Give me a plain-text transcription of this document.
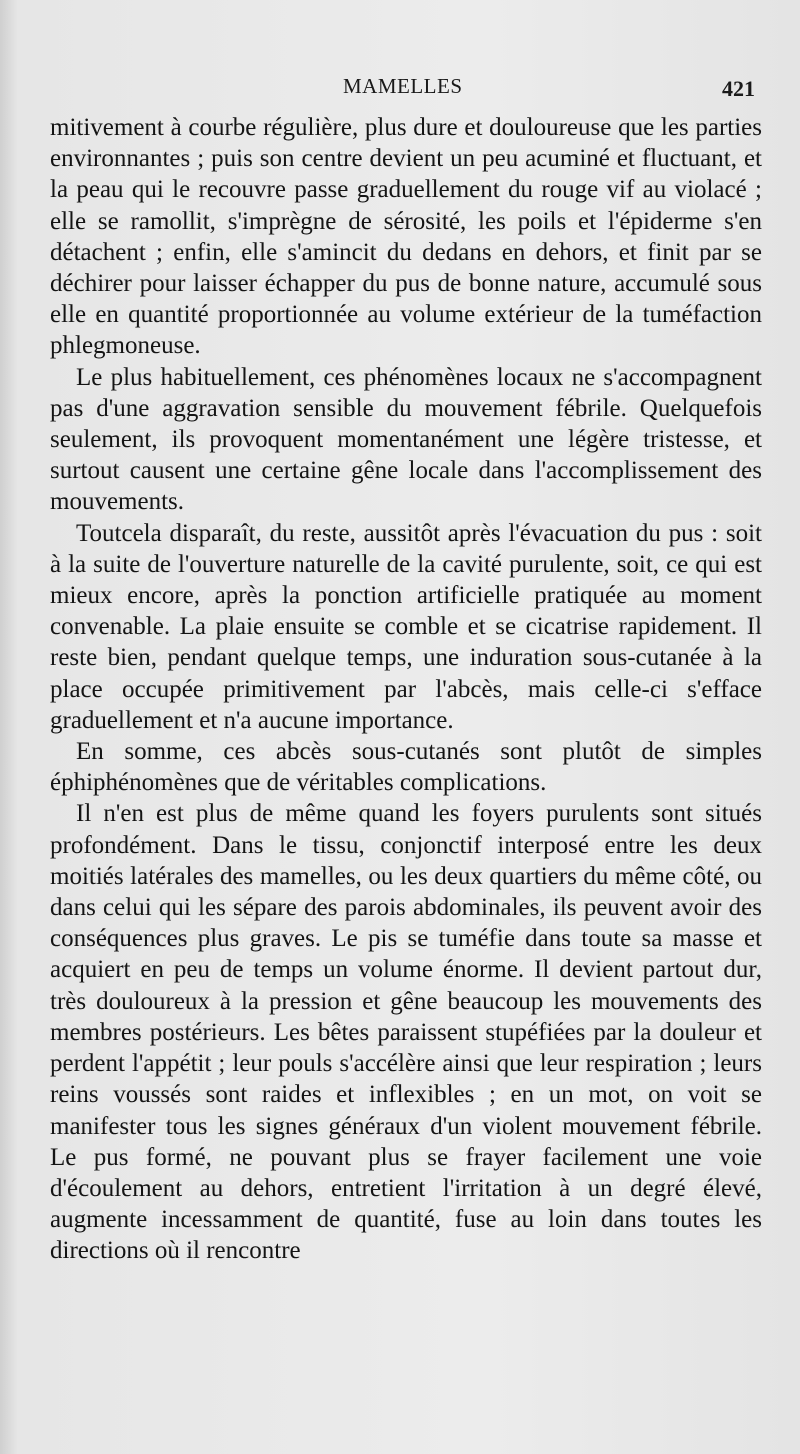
MAMELLES	421

mitivement à courbe régulière, plus dure et douloureuse que les parties environnantes ; puis son centre devient un peu acuminé et fluctuant, et la peau qui le recouvre passe graduellement du rouge vif au violacé ; elle se ramollit, s'imprègne de sérosité, les poils et l'épiderme s'en détachent ; enfin, elle s'amincit du dedans en dehors, et finit par se déchirer pour laisser échapper du pus de bonne nature, accumulé sous elle en quantité proportionnée au volume extérieur de la tuméfaction phlegmoneuse.

Le plus habituellement, ces phénomènes locaux ne s'accompagnent pas d'une aggravation sensible du mouvement fébrile. Quelquefois seulement, ils provoquent momentanément une légère tristesse, et surtout causent une certaine gêne locale dans l'accomplissement des mouvements.

Toutcela disparaît, du reste, aussitôt après l'évacuation du pus : soit à la suite de l'ouverture naturelle de la cavité purulente, soit, ce qui est mieux encore, après la ponction artificielle pratiquée au moment convenable. La plaie ensuite se comble et se cicatrise rapidement. Il reste bien, pendant quelque temps, une induration sous-cutanée à la place occupée primitivement par l'abcès, mais celle-ci s'efface graduellement et n'a aucune importance.

En somme, ces abcès sous-cutanés sont plutôt de simples éphiphénomènes que de véritables complications.

Il n'en est plus de même quand les foyers purulents sont situés profondément. Dans le tissu, conjonctif interposé entre les deux moitiés latérales des mamelles, ou les deux quartiers du même côté, ou dans celui qui les sépare des parois abdominales, ils peuvent avoir des conséquences plus graves. Le pis se tuméfie dans toute sa masse et acquiert en peu de temps un volume énorme. Il devient partout dur, très douloureux à la pression et gêne beaucoup les mouvements des membres postérieurs. Les bêtes paraissent stupéfiées par la douleur et perdent l'appétit ; leur pouls s'accélère ainsi que leur respiration ; leurs reins voussés sont raides et inflexibles ; en un mot, on voit se manifester tous les signes généraux d'un violent mouvement fébrile. Le pus formé, ne pouvant plus se frayer facilement une voie d'écoulement au dehors, entretient l'irritation à un degré élevé, augmente incessamment de quantité, fuse au loin dans toutes les directions où il rencontre
